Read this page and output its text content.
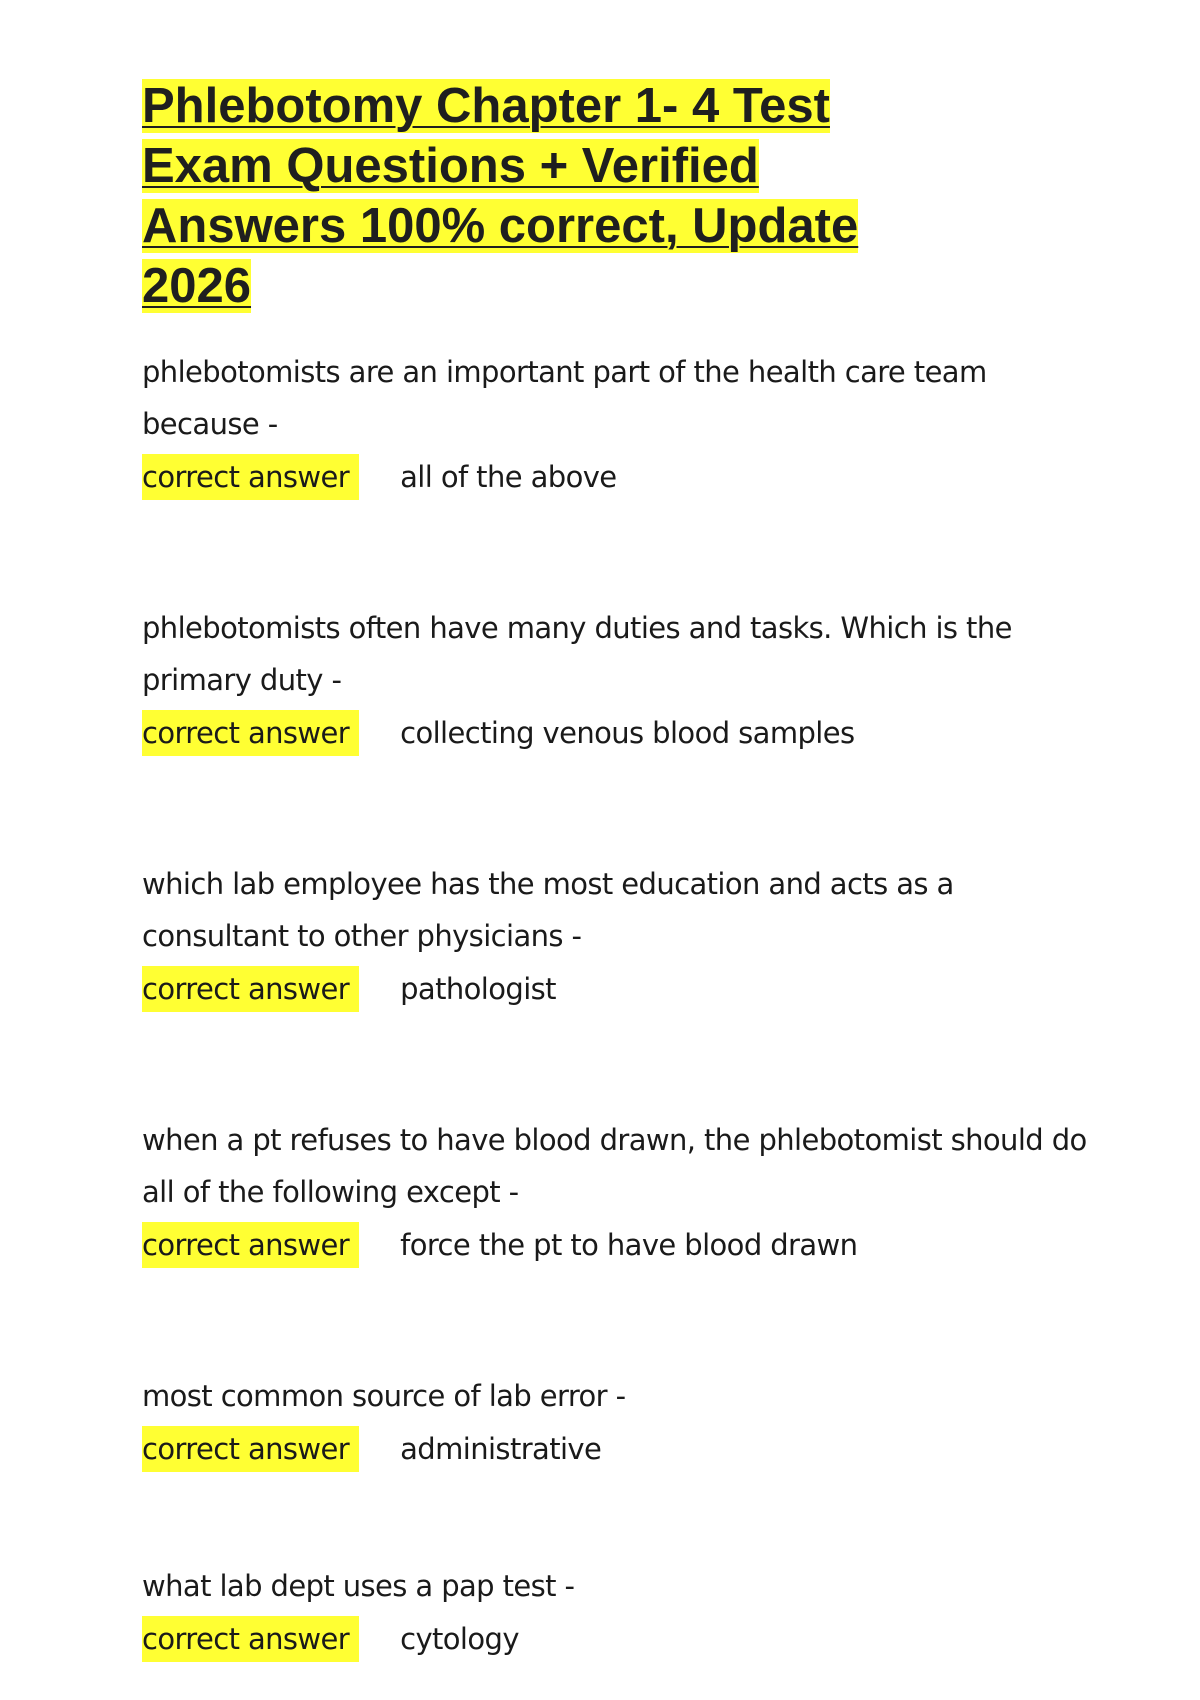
Phlebotomy Chapter 1- 4 Test Exam Questions + Verified Answers 100% correct, Update 2026

phlebotomists are an important part of the health care team because -

correct answer	all of the above

phlebotomists often have many duties and tasks. Which is the primary duty -

correct answer	collecting venous blood samples

which lab employee has the most education and acts as a consultant to other physicians -

correct answer	pathologist

when a pt refuses to have blood drawn, the phlebotomist should do all of the following except -

correct answer	force the pt to have blood drawn

most common source of lab error -

correct answer	administrative

what lab dept uses a pap test -

correct answer	cytology
